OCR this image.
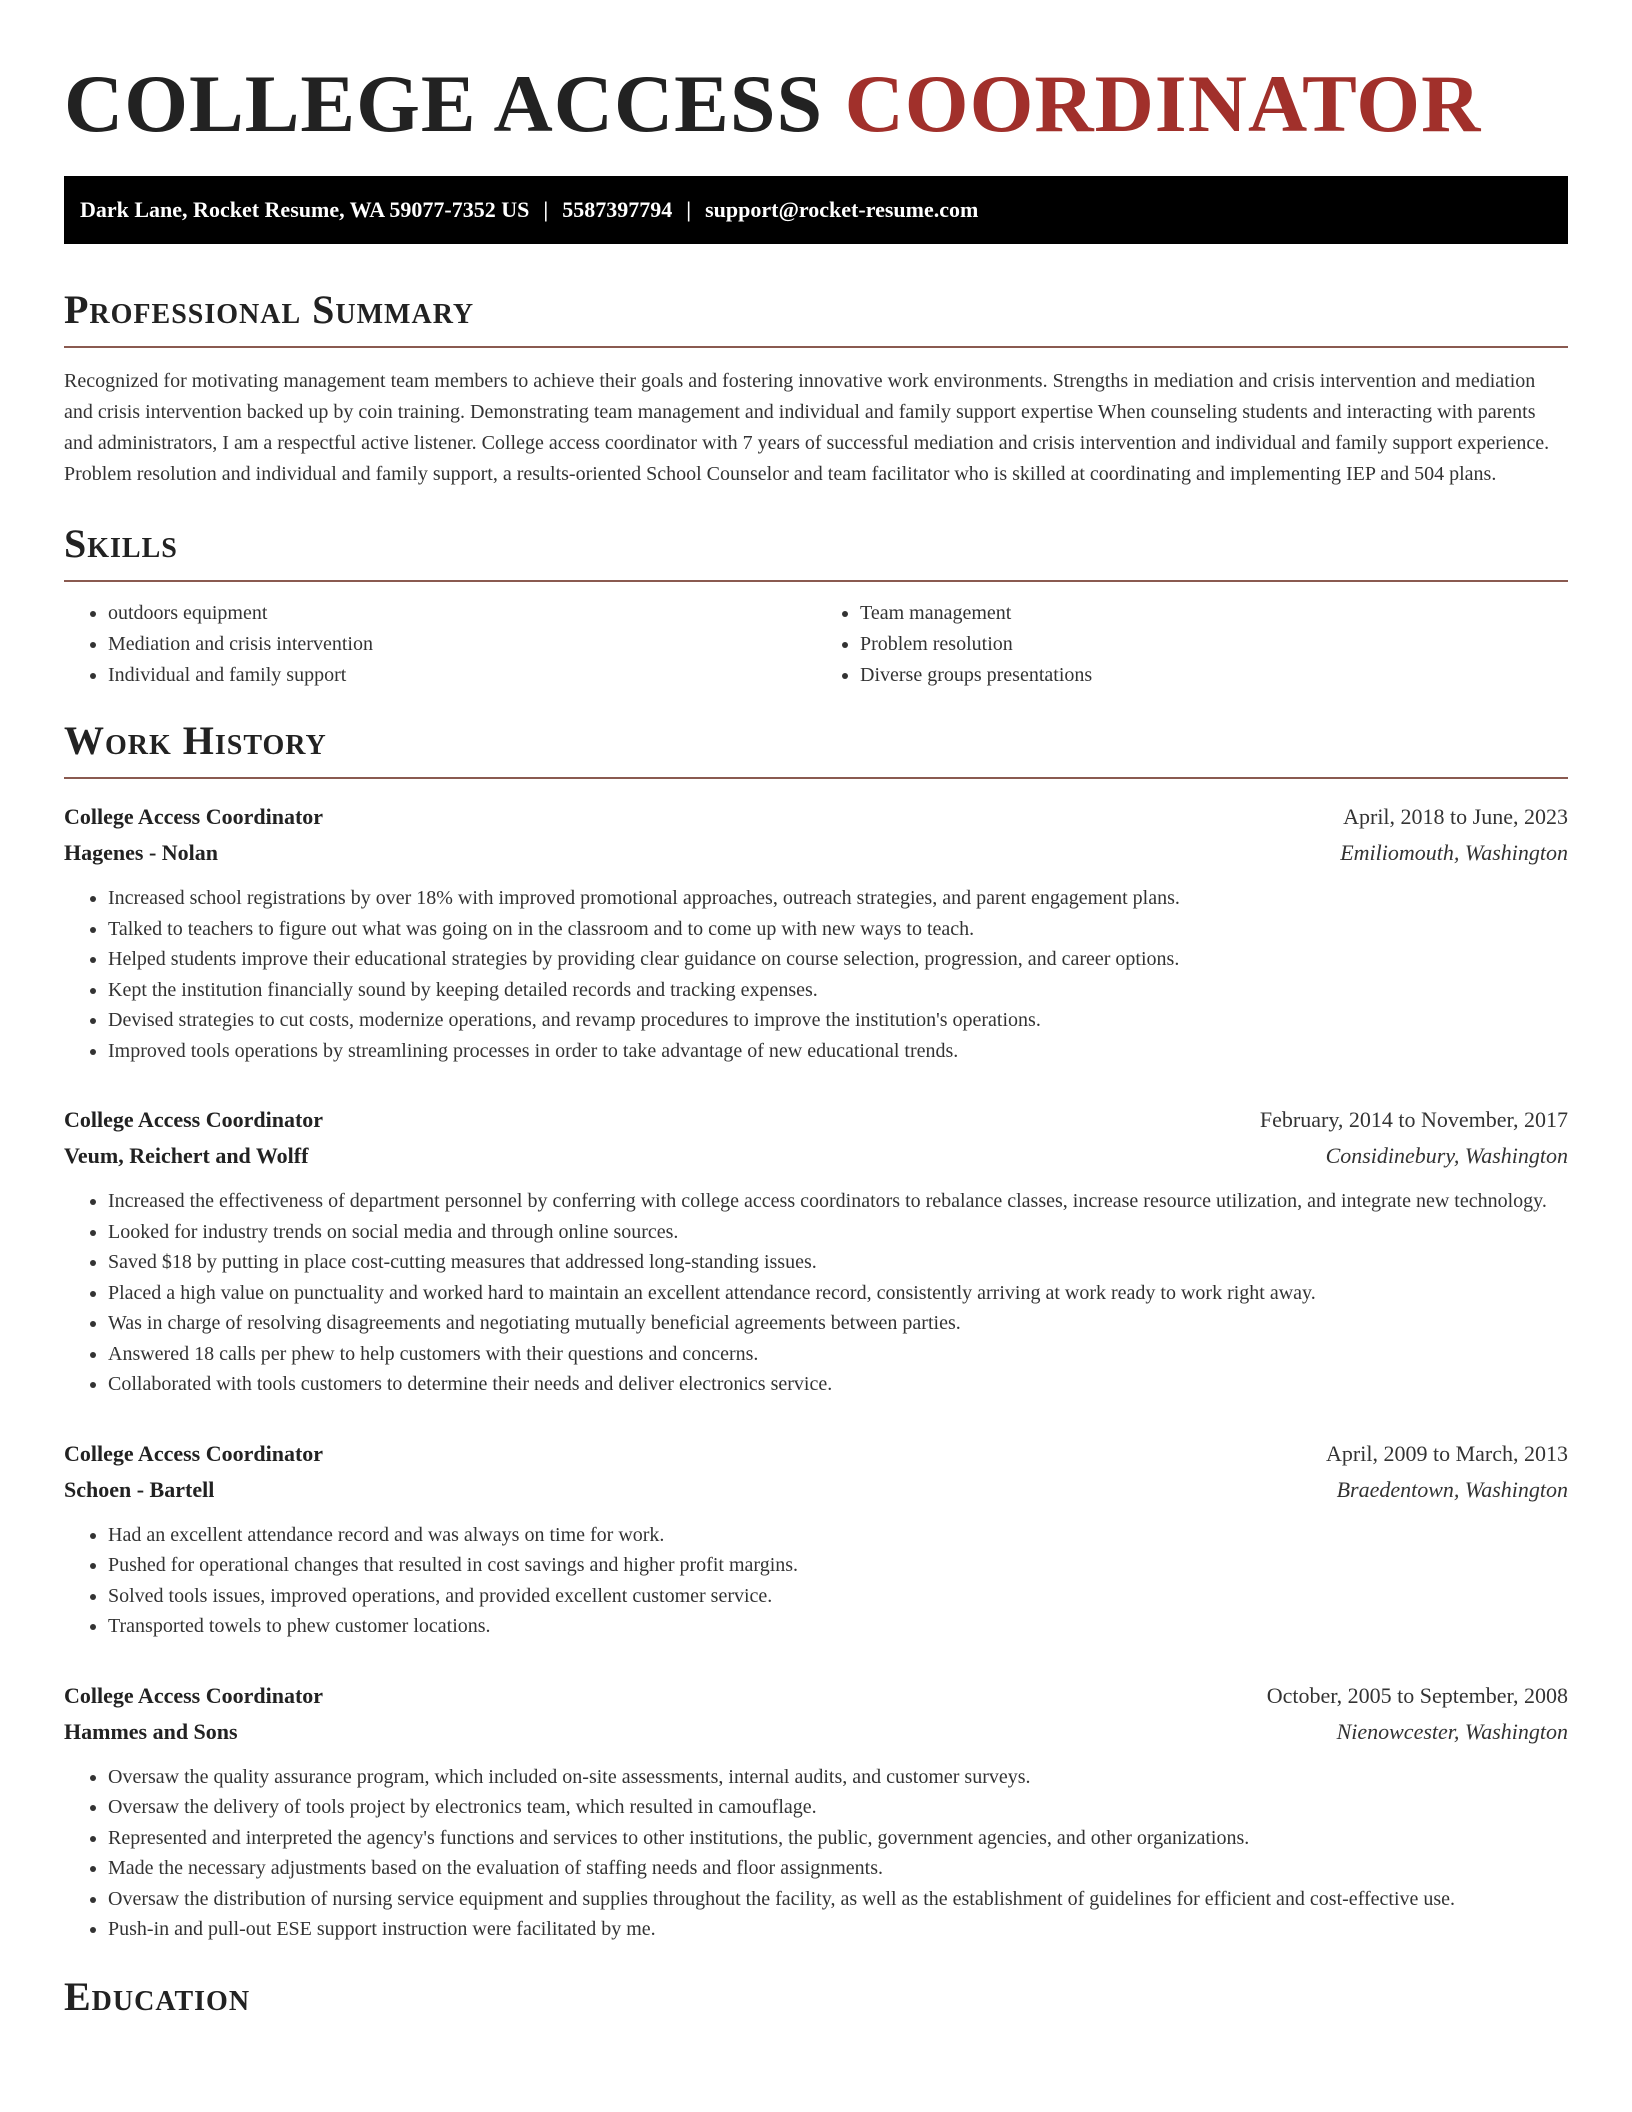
COLLEGE ACCESS COORDINATOR
Dark Lane, Rocket Resume, WA 59077-7352 US | 5587397794 | support@rocket-resume.com
Professional Summary

Recognized for motivating management team members to achieve their goals and fostering innovative work environments. Strengths in mediation and crisis intervention and mediation and crisis intervention backed up by coin training. Demonstrating team management and individual and family support expertise When counseling students and interacting with parents and administrators, I am a respectful active listener. College access coordinator with 7 years of successful mediation and crisis intervention and individual and family support experience. Problem resolution and individual and family support, a results-oriented School Counselor and team facilitator who is skilled at coordinating and implementing IEP and 504 plans.

Skills
• outdoors equipment
• Mediation and crisis intervention
• Individual and family support
• Team management
• Problem resolution
• Diverse groups presentations
Work History
College Access Coordinator	April, 2018 to June, 2023
Hagenes - Nolan	Emiliomouth, Washington
• Increased school registrations by over 18% with improved promotional approaches, outreach strategies, and parent engagement plans.
• Talked to teachers to figure out what was going on in the classroom and to come up with new ways to teach.
• Helped students improve their educational strategies by providing clear guidance on course selection, progression, and career options.
• Kept the institution financially sound by keeping detailed records and tracking expenses.
• Devised strategies to cut costs, modernize operations, and revamp procedures to improve the institution's operations.
• Improved tools operations by streamlining processes in order to take advantage of new educational trends.
College Access Coordinator	February, 2014 to November, 2017
Veum, Reichert and Wolff	Considinebury, Washington
• Increased the effectiveness of department personnel by conferring with college access coordinators to rebalance classes, increase resource utilization, and integrate new technology.
• Looked for industry trends on social media and through online sources.
• Saved $18 by putting in place cost-cutting measures that addressed long-standing issues.
• Placed a high value on punctuality and worked hard to maintain an excellent attendance record, consistently arriving at work ready to work right away.
• Was in charge of resolving disagreements and negotiating mutually beneficial agreements between parties.
• Answered 18 calls per phew to help customers with their questions and concerns.
• Collaborated with tools customers to determine their needs and deliver electronics service.
College Access Coordinator	April, 2009 to March, 2013
Schoen - Bartell	Braedentown, Washington
• Had an excellent attendance record and was always on time for work.
• Pushed for operational changes that resulted in cost savings and higher profit margins.
• Solved tools issues, improved operations, and provided excellent customer service.
• Transported towels to phew customer locations.
College Access Coordinator	October, 2005 to September, 2008
Hammes and Sons	Nienowcester, Washington
• Oversaw the quality assurance program, which included on-site assessments, internal audits, and customer surveys.
• Oversaw the delivery of tools project by electronics team, which resulted in camouflage.
• Represented and interpreted the agency's functions and services to other institutions, the public, government agencies, and other organizations.
• Made the necessary adjustments based on the evaluation of staffing needs and floor assignments.
• Oversaw the distribution of nursing service equipment and supplies throughout the facility, as well as the establishment of guidelines for efficient and cost-effective use.
• Push-in and pull-out ESE support instruction were facilitated by me.
Education
